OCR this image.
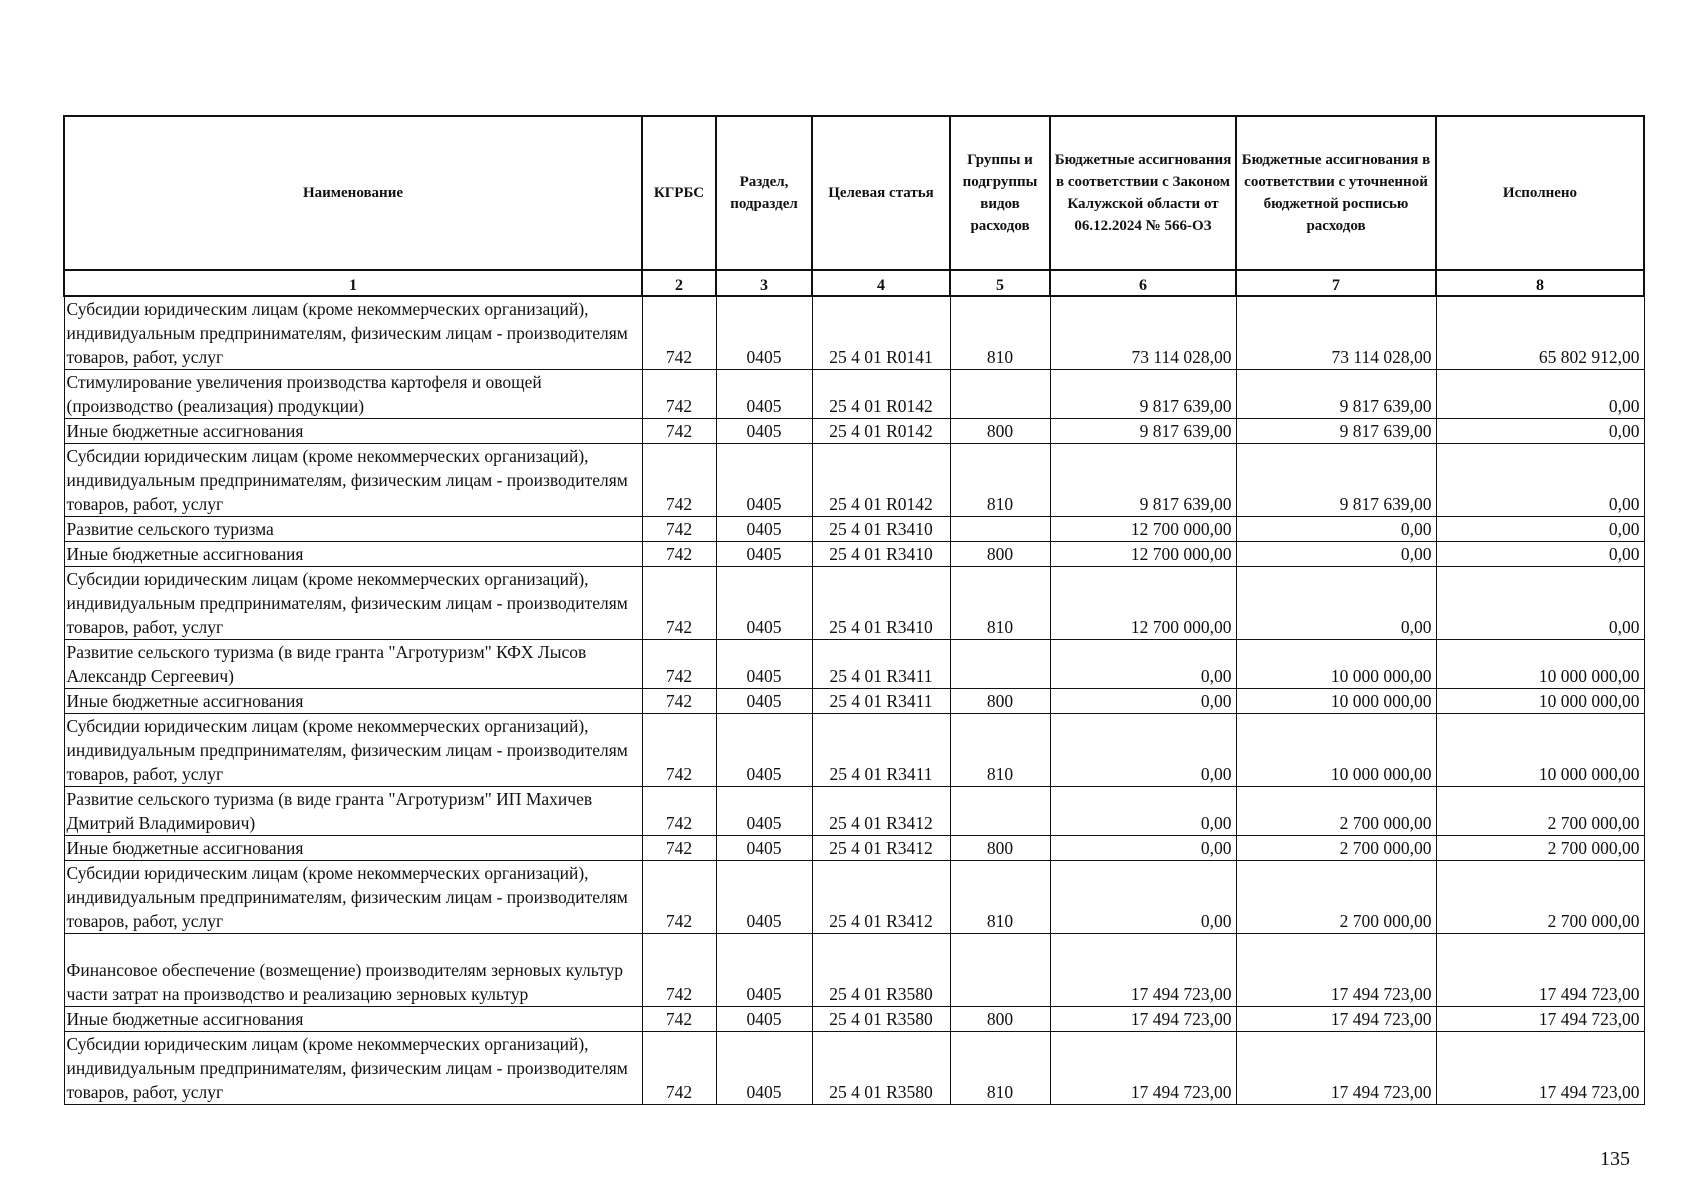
Наименование	КГРБС	Раздел, подраздел	Целевая статья	Группы и подгруппы видов расходов	Бюджетные ассигнования в соответствии с Законом Калужской области от 06.12.2024 № 566-ОЗ	Бюджетные ассигнования в соответствии с уточненной бюджетной росписью расходов	Исполнено
1	2	3	4	5	6	7	8
Субсидии юридическим лицам (кроме некоммерческих организаций), индивидуальным предпринимателям, физическим лицам - производителям товаров, работ, услуг	742	0405	25 4 01 R0141	810	73 114 028,00	73 114 028,00	65 802 912,00
Стимулирование увеличения производства картофеля и овощей (производство (реализация) продукции)	742	0405	25 4 01 R0142		9 817 639,00	9 817 639,00	0,00
Иные бюджетные ассигнования	742	0405	25 4 01 R0142	800	9 817 639,00	9 817 639,00	0,00
Субсидии юридическим лицам (кроме некоммерческих организаций), индивидуальным предпринимателям, физическим лицам - производителям товаров, работ, услуг	742	0405	25 4 01 R0142	810	9 817 639,00	9 817 639,00	0,00
Развитие сельского туризма	742	0405	25 4 01 R3410		12 700 000,00	0,00	0,00
Иные бюджетные ассигнования	742	0405	25 4 01 R3410	800	12 700 000,00	0,00	0,00
Субсидии юридическим лицам (кроме некоммерческих организаций), индивидуальным предпринимателям, физическим лицам - производителям товаров, работ, услуг	742	0405	25 4 01 R3410	810	12 700 000,00	0,00	0,00
Развитие сельского туризма (в виде гранта "Агротуризм" КФХ Лысов Александр Сергеевич)	742	0405	25 4 01 R3411		0,00	10 000 000,00	10 000 000,00
Иные бюджетные ассигнования	742	0405	25 4 01 R3411	800	0,00	10 000 000,00	10 000 000,00
Субсидии юридическим лицам (кроме некоммерческих организаций), индивидуальным предпринимателям, физическим лицам - производителям товаров, работ, услуг	742	0405	25 4 01 R3411	810	0,00	10 000 000,00	10 000 000,00
Развитие сельского туризма (в виде гранта "Агротуризм" ИП Махичев Дмитрий Владимирович)	742	0405	25 4 01 R3412		0,00	2 700 000,00	2 700 000,00
Иные бюджетные ассигнования	742	0405	25 4 01 R3412	800	0,00	2 700 000,00	2 700 000,00
Субсидии юридическим лицам (кроме некоммерческих организаций), индивидуальным предпринимателям, физическим лицам - производителям товаров, работ, услуг	742	0405	25 4 01 R3412	810	0,00	2 700 000,00	2 700 000,00
Финансовое обеспечение (возмещение) производителям зерновых культур части затрат на производство и реализацию зерновых культур	742	0405	25 4 01 R3580		17 494 723,00	17 494 723,00	17 494 723,00
Иные бюджетные ассигнования	742	0405	25 4 01 R3580	800	17 494 723,00	17 494 723,00	17 494 723,00
Субсидии юридическим лицам (кроме некоммерческих организаций), индивидуальным предпринимателям, физическим лицам - производителям товаров, работ, услуг	742	0405	25 4 01 R3580	810	17 494 723,00	17 494 723,00	17 494 723,00
135
